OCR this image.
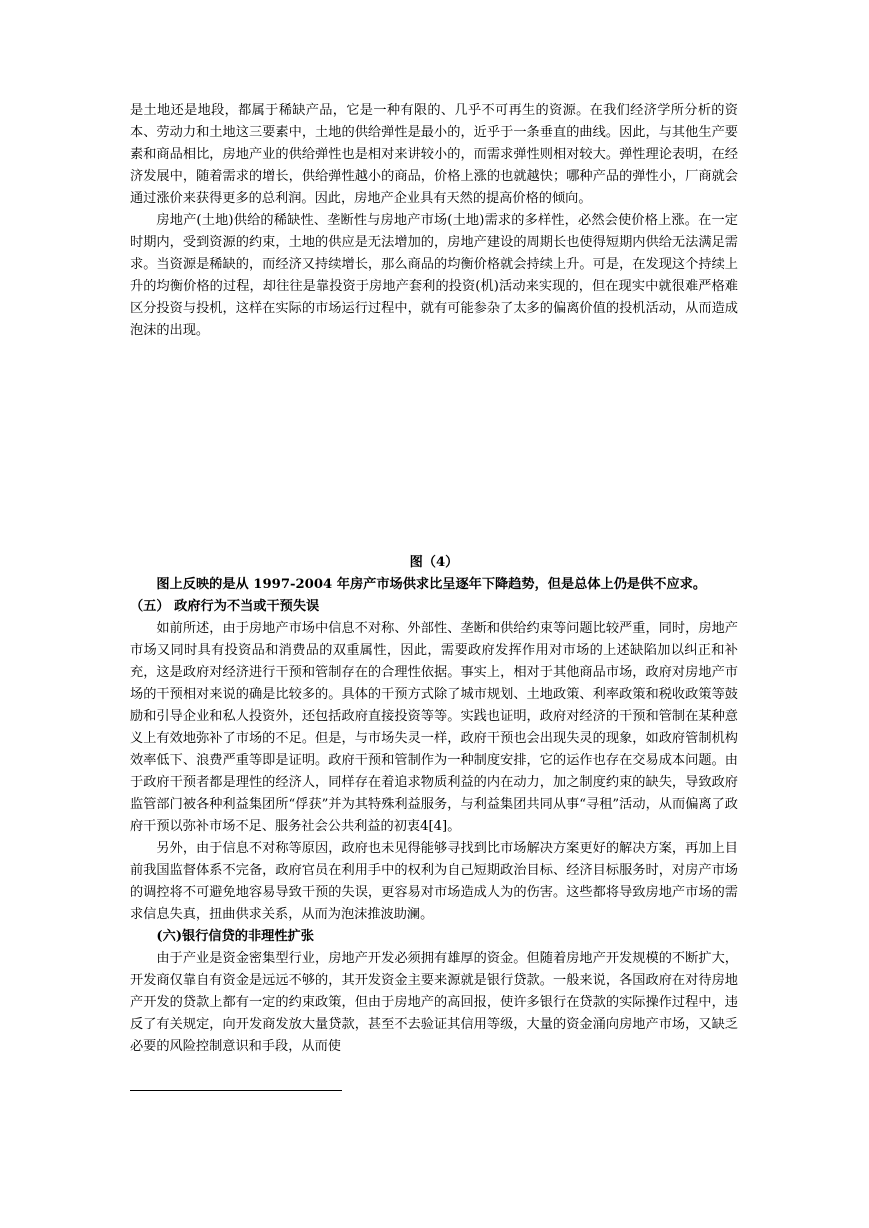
是土地还是地段，都属于稀缺产品，它是一种有限的、几乎不可再生的资源。在我们经济学所分析的资本、劳动力和土地这三要素中，土地的供给弹性是最小的，近乎于一条垂直的曲线。因此，与其他生产要素和商品相比，房地产业的供给弹性也是相对来讲较小的，而需求弹性则相对较大。弹性理论表明，在经济发展中，随着需求的增长，供给弹性越小的商品，价格上涨的也就越快；哪种产品的弹性小，厂商就会通过涨价来获得更多的总利润。因此，房地产企业具有天然的提高价格的倾向。

房地产(土地)供给的稀缺性、垄断性与房地产市场(土地)需求的多样性，必然会使价格上涨。在一定时期内，受到资源的约束，土地的供应是无法增加的，房地产建设的周期长也使得短期内供给无法满足需求。当资源是稀缺的，而经济又持续增长，那么商品的均衡价格就会持续上升。可是，在发现这个持续上升的均衡价格的过程，却往往是靠投资于房地产套利的投资(机)活动来实现的，但在现实中就很难严格难区分投资与投机，这样在实际的市场运行过程中，就有可能参杂了太多的偏离价值的投机活动，从而造成泡沫的出现。

图（4）

图上反映的是从 1997-2004 年房产市场供求比呈逐年下降趋势，但是总体上仍是供不应求。

（五） 政府行为不当或干预失误

如前所述，由于房地产市场中信息不对称、外部性、垄断和供给约束等问题比较严重，同时，房地产市场又同时具有投资品和消费品的双重属性，因此，需要政府发挥作用对市场的上述缺陷加以纠正和补充，这是政府对经济进行干预和管制存在的合理性依据。事实上，相对于其他商品市场，政府对房地产市场的干预相对来说的确是比较多的。具体的干预方式除了城市规划、土地政策、利率政策和税收政策等鼓励和引导企业和私人投资外，还包括政府直接投资等等。实践也证明，政府对经济的干预和管制在某种意义上有效地弥补了市场的不足。但是，与市场失灵一样，政府干预也会出现失灵的现象，如政府管制机构效率低下、浪费严重等即是证明。政府干预和管制作为一种制度安排，它的运作也存在交易成本问题。由于政府干预者都是理性的经济人，同样存在着追求物质利益的内在动力，加之制度约束的缺失，导致政府监管部门被各种利益集团所“俘获”并为其特殊利益服务，与利益集团共同从事“寻租”活动，从而偏离了政府干预以弥补市场不足、服务社会公共利益的初衷4[4]。

另外，由于信息不对称等原因，政府也未见得能够寻找到比市场解决方案更好的解决方案，再加上目前我国监督体系不完备，政府官员在利用手中的权利为自己短期政治目标、经济目标服务时，对房产市场的调控将不可避免地容易导致干预的失误，更容易对市场造成人为的伤害。这些都将导致房地产市场的需求信息失真，扭曲供求关系，从而为泡沫推波助澜。

(六)银行信贷的非理性扩张

由于产业是资金密集型行业，房地产开发必须拥有雄厚的资金。但随着房地产开发规模的不断扩大，开发商仅靠自有资金是远远不够的，其开发资金主要来源就是银行贷款。一般来说，各国政府在对待房地产开发的贷款上都有一定的约束政策，但由于房地产的高回报，使许多银行在贷款的实际操作过程中，违反了有关规定，向开发商发放大量贷款，甚至不去验证其信用等级，大量的资金涌向房地产市场，又缺乏必要的风险控制意识和手段，从而使
